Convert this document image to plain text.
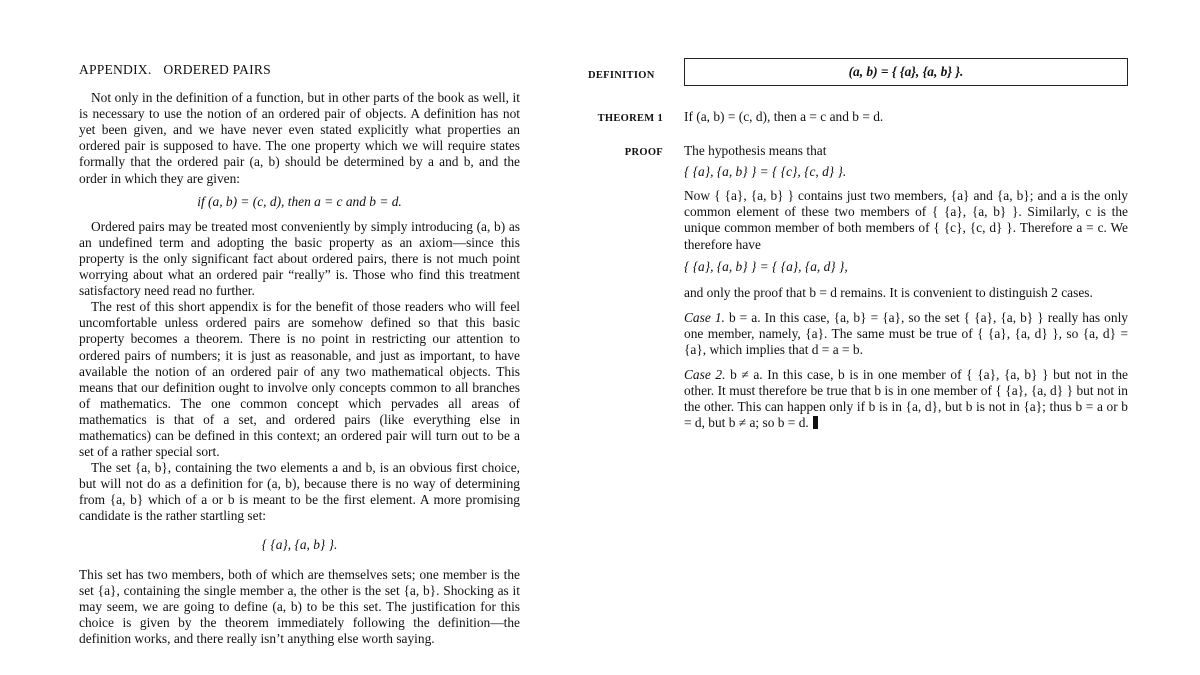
APPENDIX. ORDERED PAIRS

Not only in the definition of a function, but in other parts of the book as well, it is necessary to use the notion of an ordered pair of objects. A definition has not yet been given, and we have never even stated explicitly what properties an ordered pair is supposed to have. The one property which we will require states formally that the ordered pair (a, b) should be determined by a and b, and the order in which they are given:

if (a, b) = (c, d), then a = c and b = d.

Ordered pairs may be treated most conveniently by simply introducing (a, b) as an undefined term and adopting the basic property as an axiom—since this property is the only significant fact about ordered pairs, there is not much point worrying about what an ordered pair “really” is. Those who find this treatment satisfactory need read no further.

The rest of this short appendix is for the benefit of those readers who will feel uncomfortable unless ordered pairs are somehow defined so that this basic property becomes a theorem. There is no point in restricting our attention to ordered pairs of numbers; it is just as reasonable, and just as important, to have available the notion of an ordered pair of any two mathematical objects. This means that our definition ought to involve only concepts common to all branches of mathematics. The one common concept which pervades all areas of mathematics is that of a set, and ordered pairs (like everything else in mathematics) can be defined in this context; an ordered pair will turn out to be a set of a rather special sort.

The set {a, b}, containing the two elements a and b, is an obvious first choice, but will not do as a definition for (a, b), because there is no way of determining from {a, b} which of a or b is meant to be the first element. A more promising candidate is the rather startling set:

{ {a}, {a, b} }.

This set has two members, both of which are themselves sets; one member is the set {a}, containing the single member a, the other is the set {a, b}. Shocking as it may seem, we are going to define (a, b) to be this set. The justification for this choice is given by the theorem immediately following the definition—the definition works, and there really isn’t anything else worth saying.

DEFINITION	(a, b) = { {a}, {a, b} }.
THEOREM 1 If (a, b) = (c, d), then a = c and b = d.
PROOF The hypothesis means that
{ {a}, {a, b} } = { {c}, {c, d} }.

Now { {a}, {a, b} } contains just two members, {a} and {a, b}; and a is the only common element of these two members of { {a}, {a, b} }. Similarly, c is the unique common member of both members of { {c}, {c, d} }. Therefore a = c. We therefore have

{ {a}, {a, b} } = { {a}, {a, d} },

and only the proof that b = d remains. It is convenient to distinguish 2 cases.

Case 1. b = a. In this case, {a, b} = {a}, so the set { {a}, {a, b} } really has only one member, namely, {a}. The same must be true of { {a}, {a, d} }, so {a, d} = {a}, which implies that d = a = b.

Case 2. b ≠ a. In this case, b is in one member of { {a}, {a, b} } but not in the other. It must therefore be true that b is in one member of { {a}, {a, d} } but not in the other. This can happen only if b is in {a, d}, but b is not in {a}; thus b = a or b = d, but b ≠ a; so b = d.
